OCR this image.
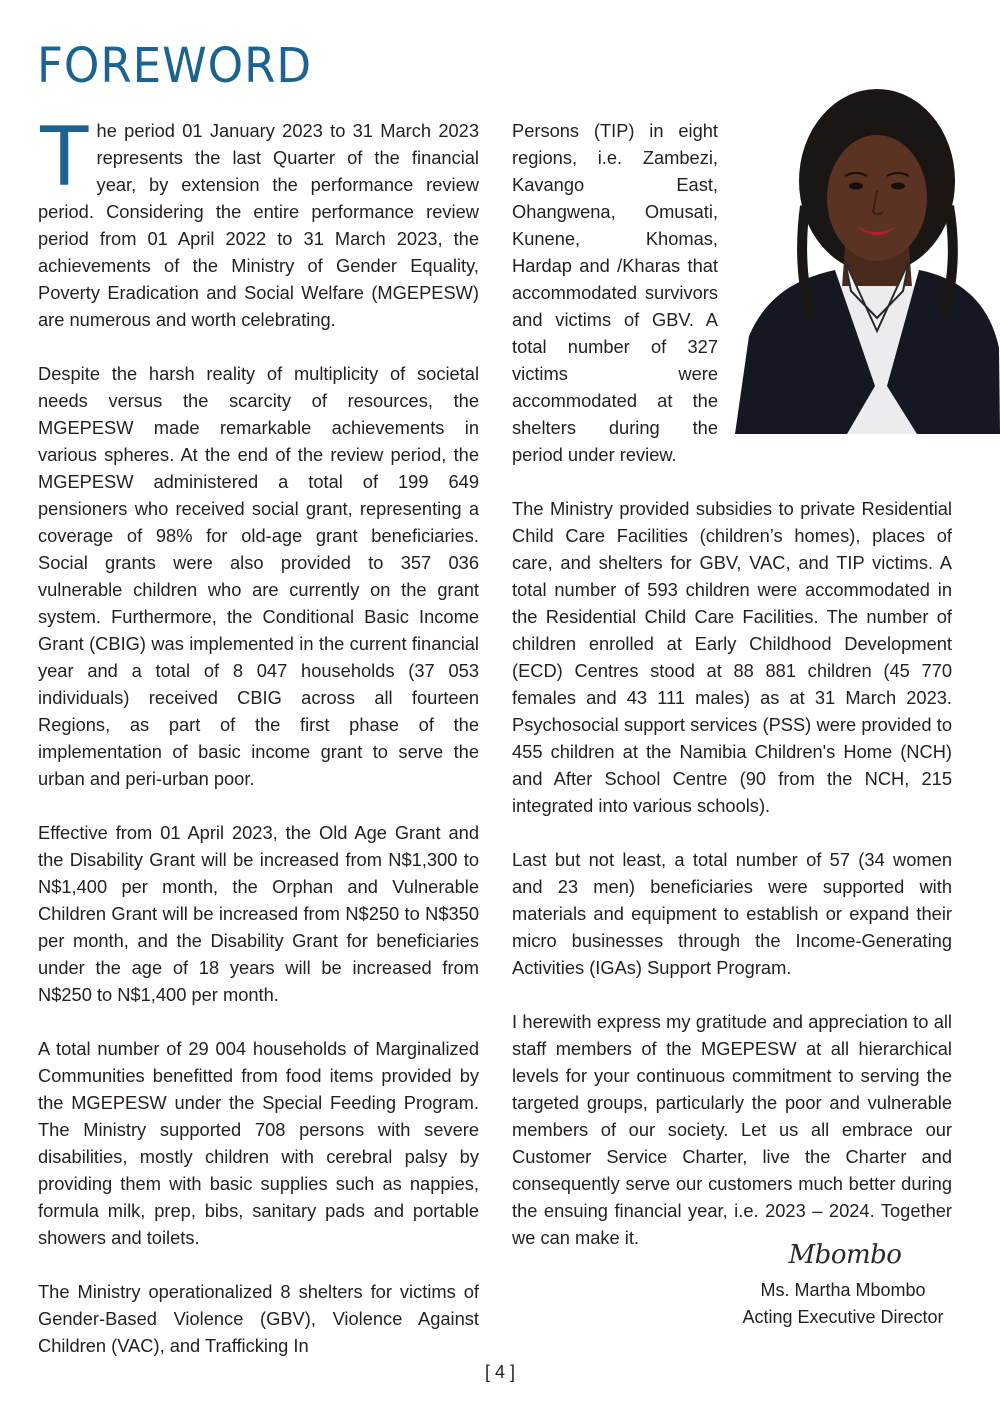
FOREWORD

The period 01 January 2023 to 31 March 2023 represents the last Quarter of the financial year, by extension the performance review period. Considering the entire performance review period from 01 April 2022 to 31 March 2023, the achievements of the Ministry of Gender Equality, Poverty Eradication and Social Welfare (MGEPESW) are numerous and worth celebrating.

Despite the harsh reality of multiplicity of societal needs versus the scarcity of resources, the MGEPESW made remarkable achievements in various spheres. At the end of the review period, the MGEPESW administered a total of 199 649 pensioners who received social grant, representing a coverage of 98% for old-age grant beneficiaries. Social grants were also provided to 357 036 vulnerable children who are currently on the grant system. Furthermore, the Conditional Basic Income Grant (CBIG) was implemented in the current financial year and a total of 8 047 households (37 053 individuals) received CBIG across all fourteen Regions, as part of the first phase of the implementation of basic income grant to serve the urban and peri-urban poor.

Effective from 01 April 2023, the Old Age Grant and the Disability Grant will be increased from N$1,300 to N$1,400 per month, the Orphan and Vulnerable Children Grant will be increased from N$250 to N$350 per month, and the Disability Grant for beneficiaries under the age of 18 years will be increased from N$250 to N$1,400 per month.

A total number of 29 004 households of Marginalized Communities benefitted from food items provided by the MGEPESW under the Special Feeding Program. The Ministry supported 708 persons with severe disabilities, mostly children with cerebral palsy by providing them with basic supplies such as nappies, formula milk, prep, bibs, sanitary pads and portable showers and toilets.

The Ministry operationalized 8 shelters for victims of Gender-Based Violence (GBV), Violence Against Children (VAC), and Trafficking In

Persons (TIP) in eight regions, i.e. Zambezi, Kavango East, Ohangwena, Omusati, Kunene, Khomas, Hardap and /Kharas that accommodated survivors and victims of GBV. A total number of 327 victims were accommodated at the shelters during the period under review.

The Ministry provided subsidies to private Residential Child Care Facilities (children’s homes), places of care, and shelters for GBV, VAC, and TIP victims. A total number of 593 children were accommodated in the Residential Child Care Facilities. The number of children enrolled at Early Childhood Development (ECD) Centres stood at 88 881 children (45 770 females and 43 111 males) as at 31 March 2023. Psychosocial support services (PSS) were provided to 455 children at the Namibia Children's Home (NCH) and After School Centre (90 from the NCH, 215 integrated into various schools).

Last but not least, a total number of 57 (34 women and 23 men) beneficiaries were supported with materials and equipment to establish or expand their micro businesses through the Income-Generating Activities (IGAs) Support Program.

I herewith express my gratitude and appreciation to all staff members of the MGEPESW at all hierarchical levels for your continuous commitment to serving the targeted groups, particularly the poor and vulnerable members of our society. Let us all embrace our Customer Service Charter, live the Charter and consequently serve our customers much better during the ensuing financial year, i.e. 2023 – 2024. Together we can make it.

Mbombo
Ms. Martha Mbombo
Acting Executive Director
[ 4 ]
